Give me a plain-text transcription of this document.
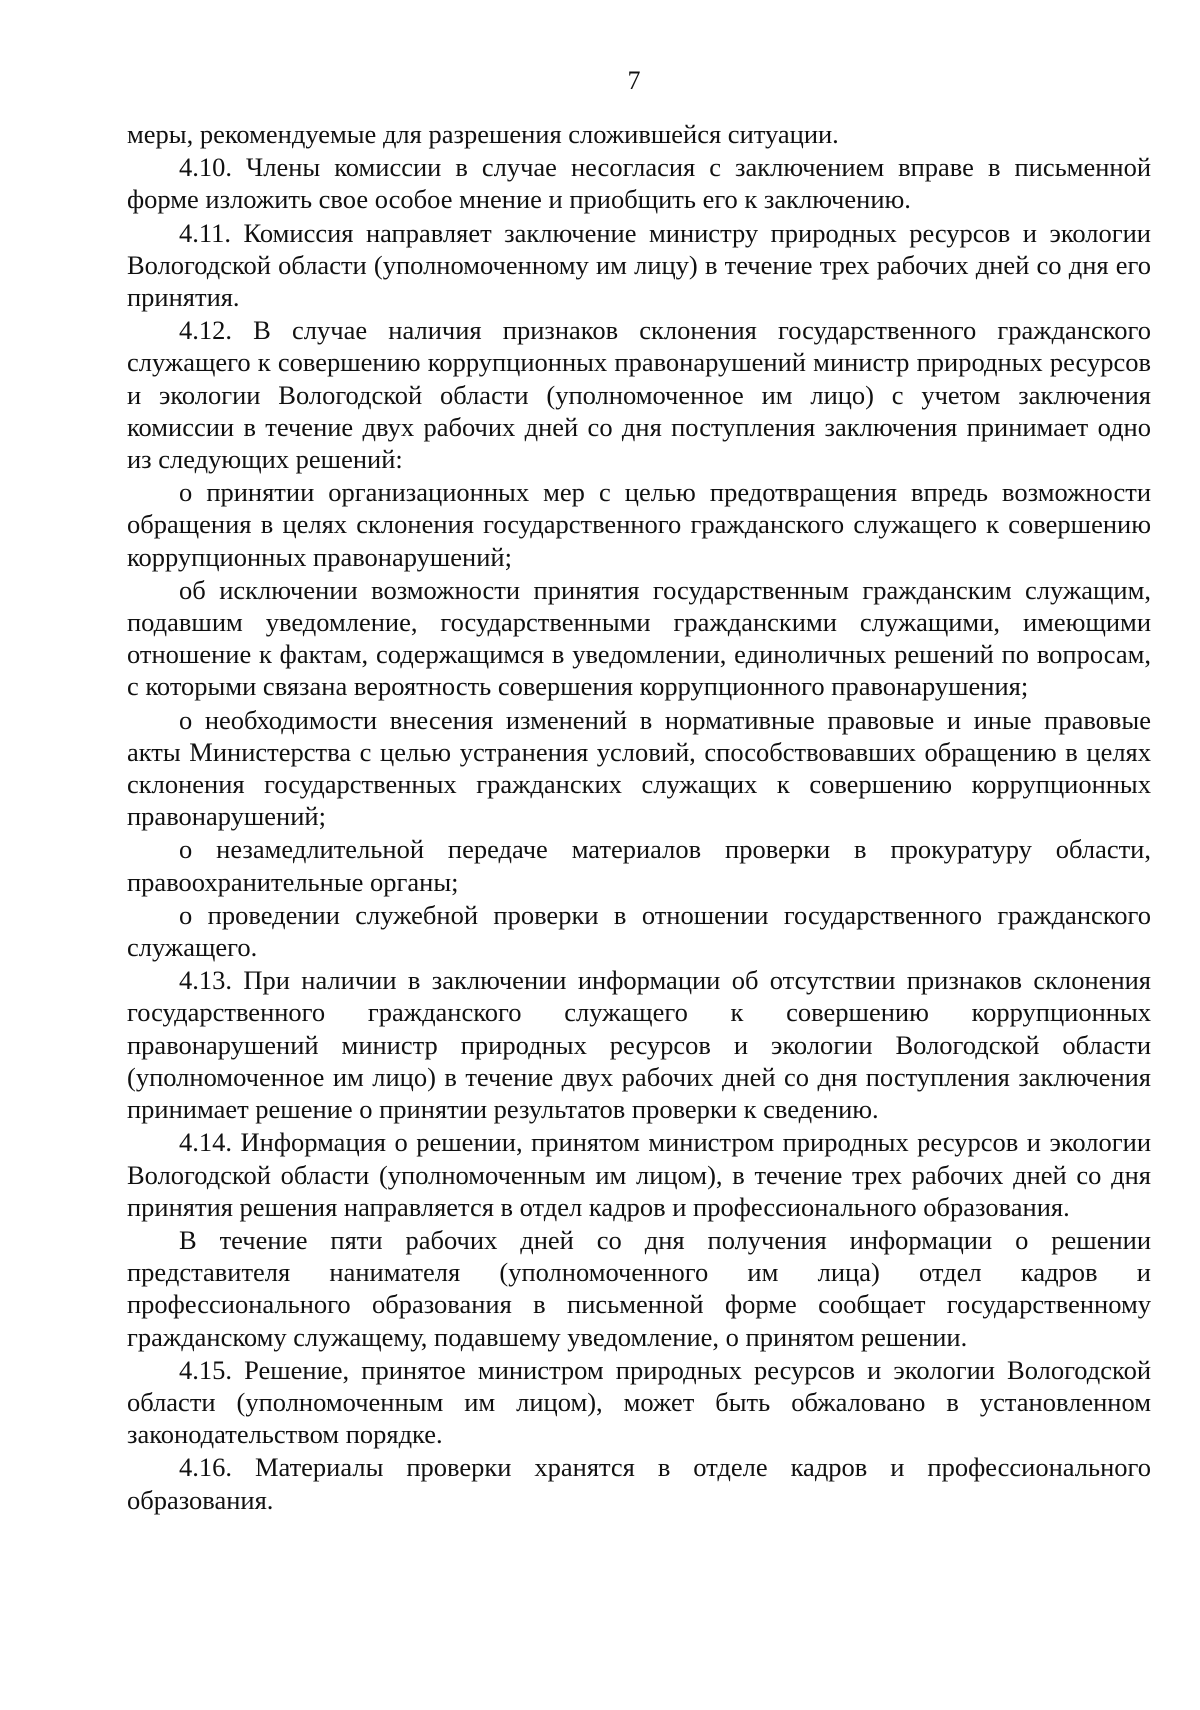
7

меры, рекомендуемые для разрешения сложившейся ситуации.

4.10. Члены комиссии в случае несогласия с заключением вправе в письменной форме изложить свое особое мнение и приобщить его к заключению.

4.11. Комиссия направляет заключение министру природных ресурсов и экологии Вологодской области (уполномоченному им лицу) в течение трех рабочих дней со дня его принятия.

4.12. В случае наличия признаков склонения государственного гражданского служащего к совершению коррупционных правонарушений министр природных ресурсов и экологии Вологодской области (уполномоченное им лицо) с учетом заключения комиссии в течение двух рабочих дней со дня поступления заключения принимает одно из следующих решений:

о принятии организационных мер с целью предотвращения впредь возможности обращения в целях склонения государственного гражданского служащего к совершению коррупционных правонарушений;

об исключении возможности принятия государственным гражданским служащим, подавшим уведомление, государственными гражданскими служащими, имеющими отношение к фактам, содержащимся в уведомлении, единоличных решений по вопросам, с которыми связана вероятность совершения коррупционного правонарушения;

о необходимости внесения изменений в нормативные правовые и иные правовые акты Министерства с целью устранения условий, способствовавших обращению в целях склонения государственных гражданских служащих к совершению коррупционных правонарушений;

о незамедлительной передаче материалов проверки в прокуратуру области, правоохранительные органы;

о проведении служебной проверки в отношении государственного гражданского служащего.

4.13. При наличии в заключении информации об отсутствии признаков склонения государственного гражданского служащего к совершению коррупционных правонарушений министр природных ресурсов и экологии Вологодской области (уполномоченное им лицо) в течение двух рабочих дней со дня поступления заключения принимает решение о принятии результатов проверки к сведению.

4.14. Информация о решении, принятом министром природных ресурсов и экологии Вологодской области (уполномоченным им лицом), в течение трех рабочих дней со дня принятия решения направляется в отдел кадров и профессионального образования.

В течение пяти рабочих дней со дня получения информации о решении представителя нанимателя (уполномоченного им лица) отдел кадров и профессионального образования в письменной форме сообщает государственному гражданскому служащему, подавшему уведомление, о принятом решении.

4.15. Решение, принятое министром природных ресурсов и экологии Вологодской области (уполномоченным им лицом), может быть обжаловано в установленном законодательством порядке.

4.16. Материалы проверки хранятся в отделе кадров и профессионального образования.
